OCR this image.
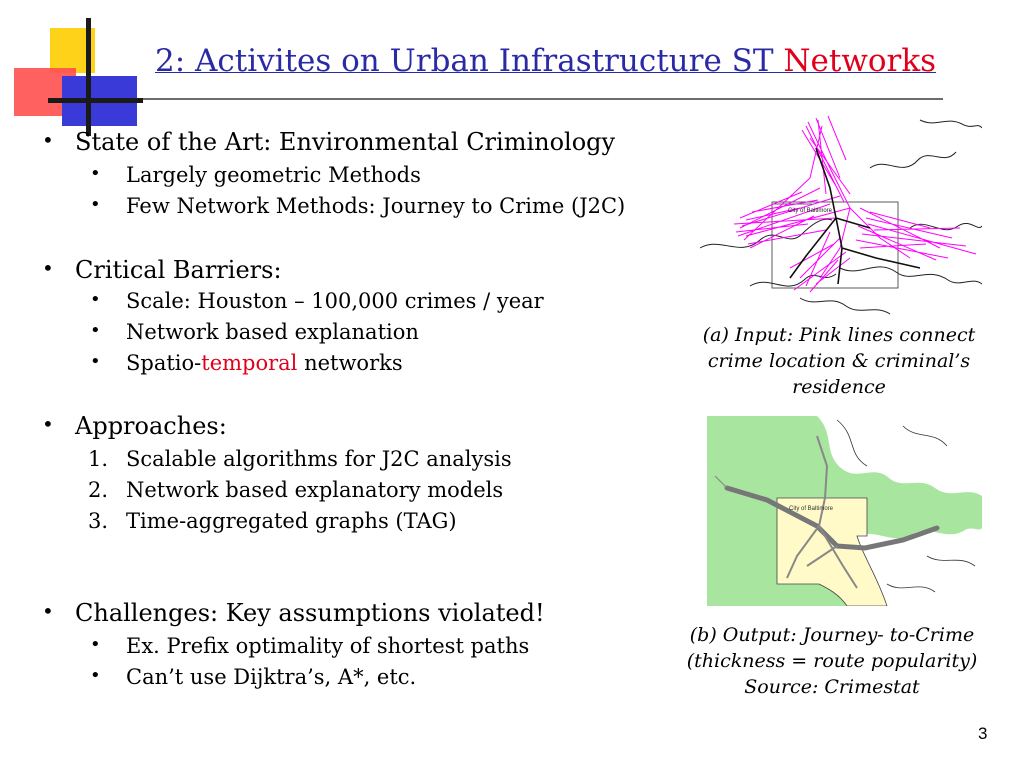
2: Activites on Urban Infrastructure ST Networks
• State of the Art: Environmental Criminology
• Largely geometric Methods
• Few Network Methods: Journey to Crime (J2C)
• Critical Barriers:
• Scale: Houston – 100,000 crimes / year
• Network based explanation
• Spatio-temporal networks
• Approaches:
1. Scalable algorithms for J2C analysis
2. Network based explanatory models
3. Time-aggregated graphs (TAG)
• Challenges: Key assumptions violated!
• Ex. Prefix optimality of shortest paths
• Can’t use Dijktra’s, A*, etc.
City of Baltimore
(a) Input: Pink lines connect
crime location & criminal’s
residence
City of Baltimore
(b) Output: Journey- to-Crime
(thickness = route popularity)
Source: Crimestat
3
